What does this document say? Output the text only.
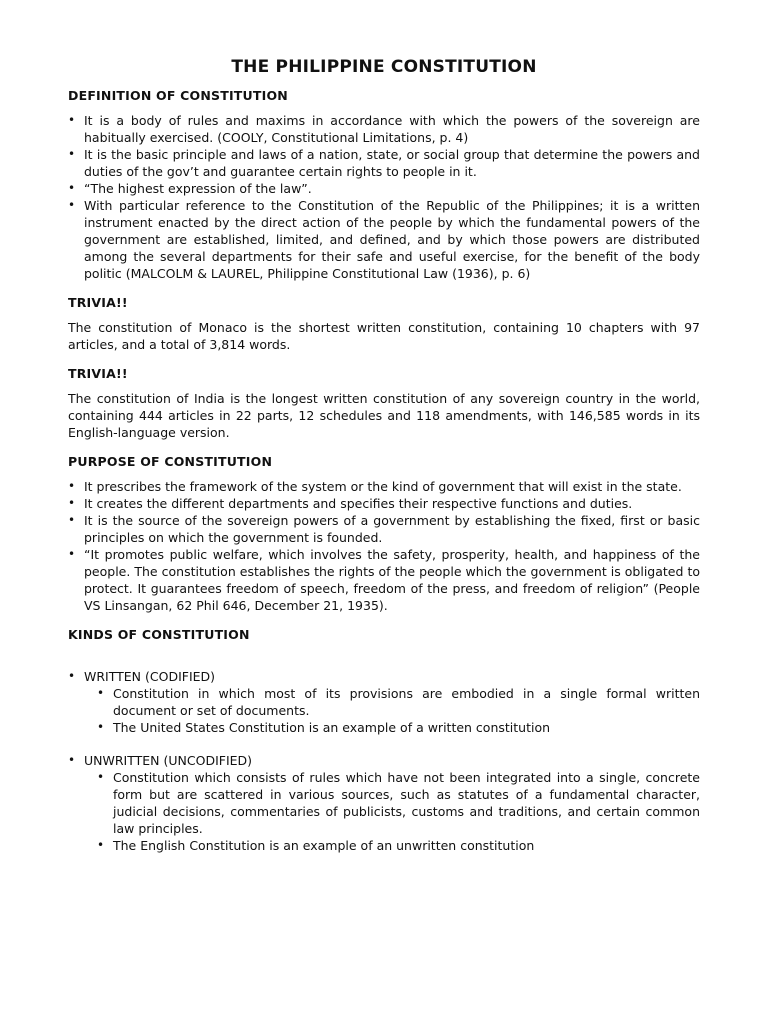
THE PHILIPPINE CONSTITUTION
DEFINITION OF CONSTITUTION
• It is a body of rules and maxims in accordance with which the powers of the sovereign are habitually exercised. (COOLY, Constitutional Limitations, p. 4)
• It is the basic principle and laws of a nation, state, or social group that determine the powers and duties of the gov’t and guarantee certain rights to people in it.
• “The highest expression of the law”.
• With particular reference to the Constitution of the Republic of the Philippines; it is a written instrument enacted by the direct action of the people by which the fundamental powers of the government are established, limited, and defined, and by which those powers are distributed among the several departments for their safe and useful exercise, for the benefit of the body politic (MALCOLM & LAUREL, Philippine Constitutional Law (1936), p. 6)
TRIVIA!!

The constitution of Monaco is the shortest written constitution, containing 10 chapters with 97 articles, and a total of 3,814 words.

TRIVIA!!

The constitution of India is the longest written constitution of any sovereign country in the world, containing 444 articles in 22 parts, 12 schedules and 118 amendments, with 146,585 words in its English-language version.

PURPOSE OF CONSTITUTION
• It prescribes the framework of the system or the kind of government that will exist in the state.
• It creates the different departments and specifies their respective functions and duties.
• It is the source of the sovereign powers of a government by establishing the fixed, first or basic principles on which the government is founded.
• “It promotes public welfare, which involves the safety, prosperity, health, and happiness of the people. The constitution establishes the rights of the people which the government is obligated to protect. It guarantees freedom of speech, freedom of the press, and freedom of religion” (People VS Linsangan, 62 Phil 646, December 21, 1935).
KINDS OF CONSTITUTION
• WRITTEN (CODIFIED)
• Constitution in which most of its provisions are embodied in a single formal written document or set of documents.
• The United States Constitution is an example of a written constitution
• UNWRITTEN (UNCODIFIED)
• Constitution which consists of rules which have not been integrated into a single, concrete form but are scattered in various sources, such as statutes of a fundamental character, judicial decisions, commentaries of publicists, customs and traditions, and certain common law principles.
• The English Constitution is an example of an unwritten constitution
